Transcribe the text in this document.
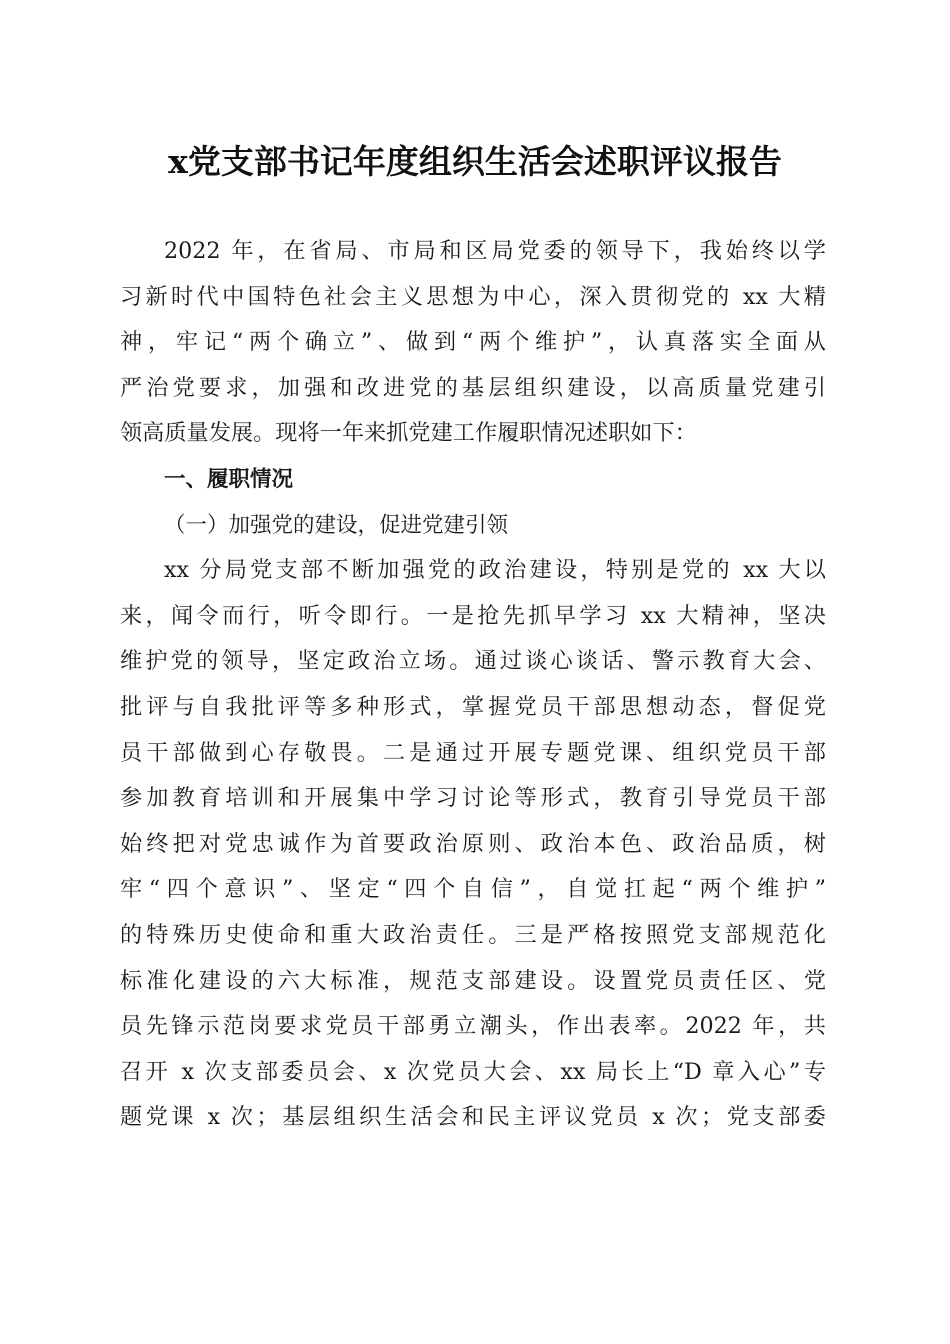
x党支部书记年度组织生活会述职评议报告
2022 年，在省局、市局和区局党委的领导下，我始终以学
习新时代中国特色社会主义思想为中心，深入贯彻党的 xx 大精
神，牢记“两个确立”、做到“两个维护”，认真落实全面从
严治党要求，加强和改进党的基层组织建设，以高质量党建引
领高质量发展。现将一年来抓党建工作履职情况述职如下：
一、履职情况
（一）加强党的建设，促进党建引领
xx 分局党支部不断加强党的政治建设，特别是党的 xx 大以
来，闻令而行，听令即行。一是抢先抓早学习 xx 大精神，坚决
维护党的领导，坚定政治立场。通过谈心谈话、警示教育大会、
批评与自我批评等多种形式，掌握党员干部思想动态，督促党
员干部做到心存敬畏。二是通过开展专题党课、组织党员干部
参加教育培训和开展集中学习讨论等形式，教育引导党员干部
始终把对党忠诚作为首要政治原则、政治本色、政治品质，树
牢“四个意识”、坚定“四个自信”，自觉扛起“两个维护”
的特殊历史使命和重大政治责任。三是严格按照党支部规范化
标准化建设的六大标准，规范支部建设。设置党员责任区、党
员先锋示范岗要求党员干部勇立潮头，作出表率。2022 年，共
召开 x 次支部委员会、x 次党员大会、xx 局长上“D 章入心”专
题党课 x 次；基层组织生活会和民主评议党员 x 次；党支部委
